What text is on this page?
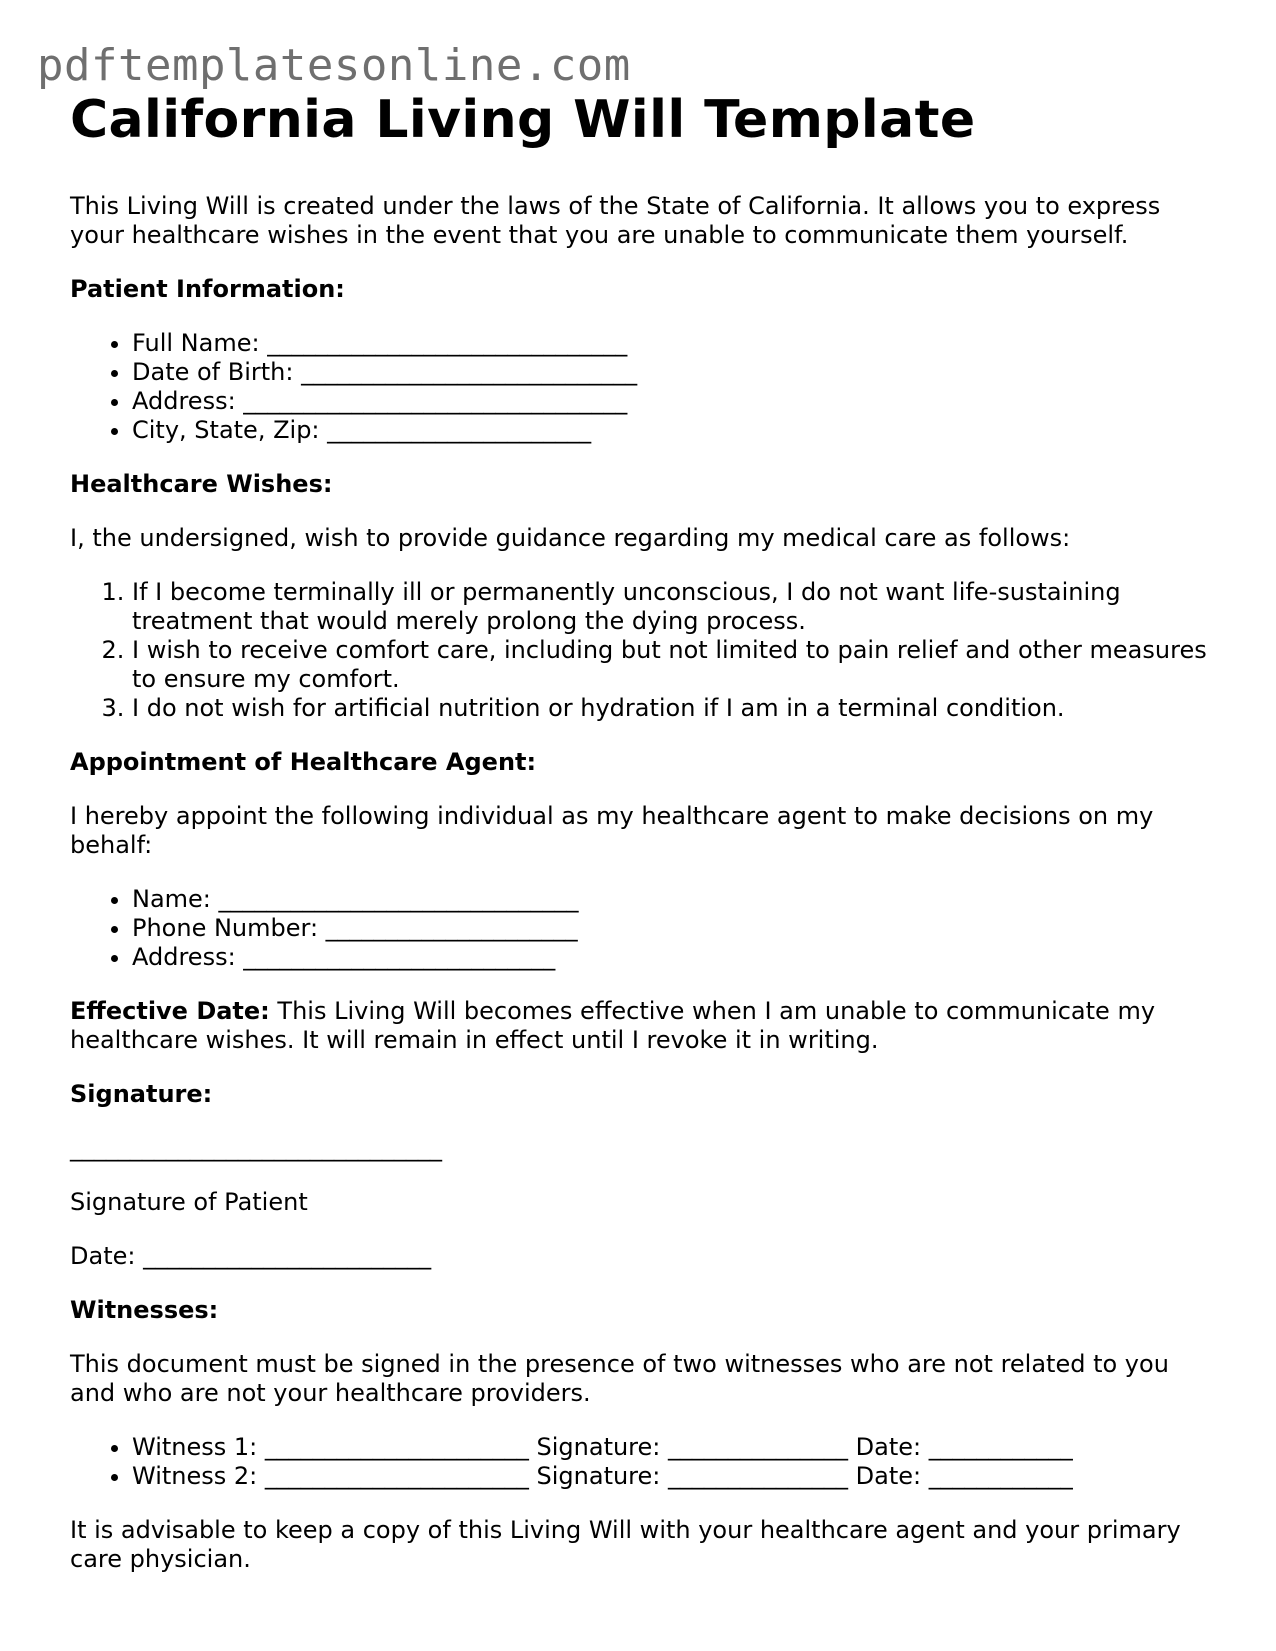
pdftemplatesonline.com
California Living Will Template

This Living Will is created under the laws of the State of California. It allows you to express your healthcare wishes in the event that you are unable to communicate them yourself.

Patient Information:

• Full Name: ______________________________
• Date of Birth: ____________________________
• Address: ________________________________
• City, State, Zip: ______________________

Healthcare Wishes:

I, the undersigned, wish to provide guidance regarding my medical care as follows:

1. If I become terminally ill or permanently unconscious, I do not want life-sustaining treatment that would merely prolong the dying process.
2. I wish to receive comfort care, including but not limited to pain relief and other measures to ensure my comfort.
3. I do not wish for artificial nutrition or hydration if I am in a terminal condition.

Appointment of Healthcare Agent:

I hereby appoint the following individual as my healthcare agent to make decisions on my behalf:

• Name: ______________________________
• Phone Number: _____________________
• Address: __________________________

Effective Date: This Living Will becomes effective when I am unable to communicate my healthcare wishes. It will remain in effect until I revoke it in writing.

Signature:

_______________________________

Signature of Patient

Date: ________________________

Witnesses:

This document must be signed in the presence of two witnesses who are not related to you and who are not your healthcare providers.

• Witness 1: ______________________ Signature: _______________ Date: ____________
• Witness 2: ______________________ Signature: _______________ Date: ____________

It is advisable to keep a copy of this Living Will with your healthcare agent and your primary care physician.
